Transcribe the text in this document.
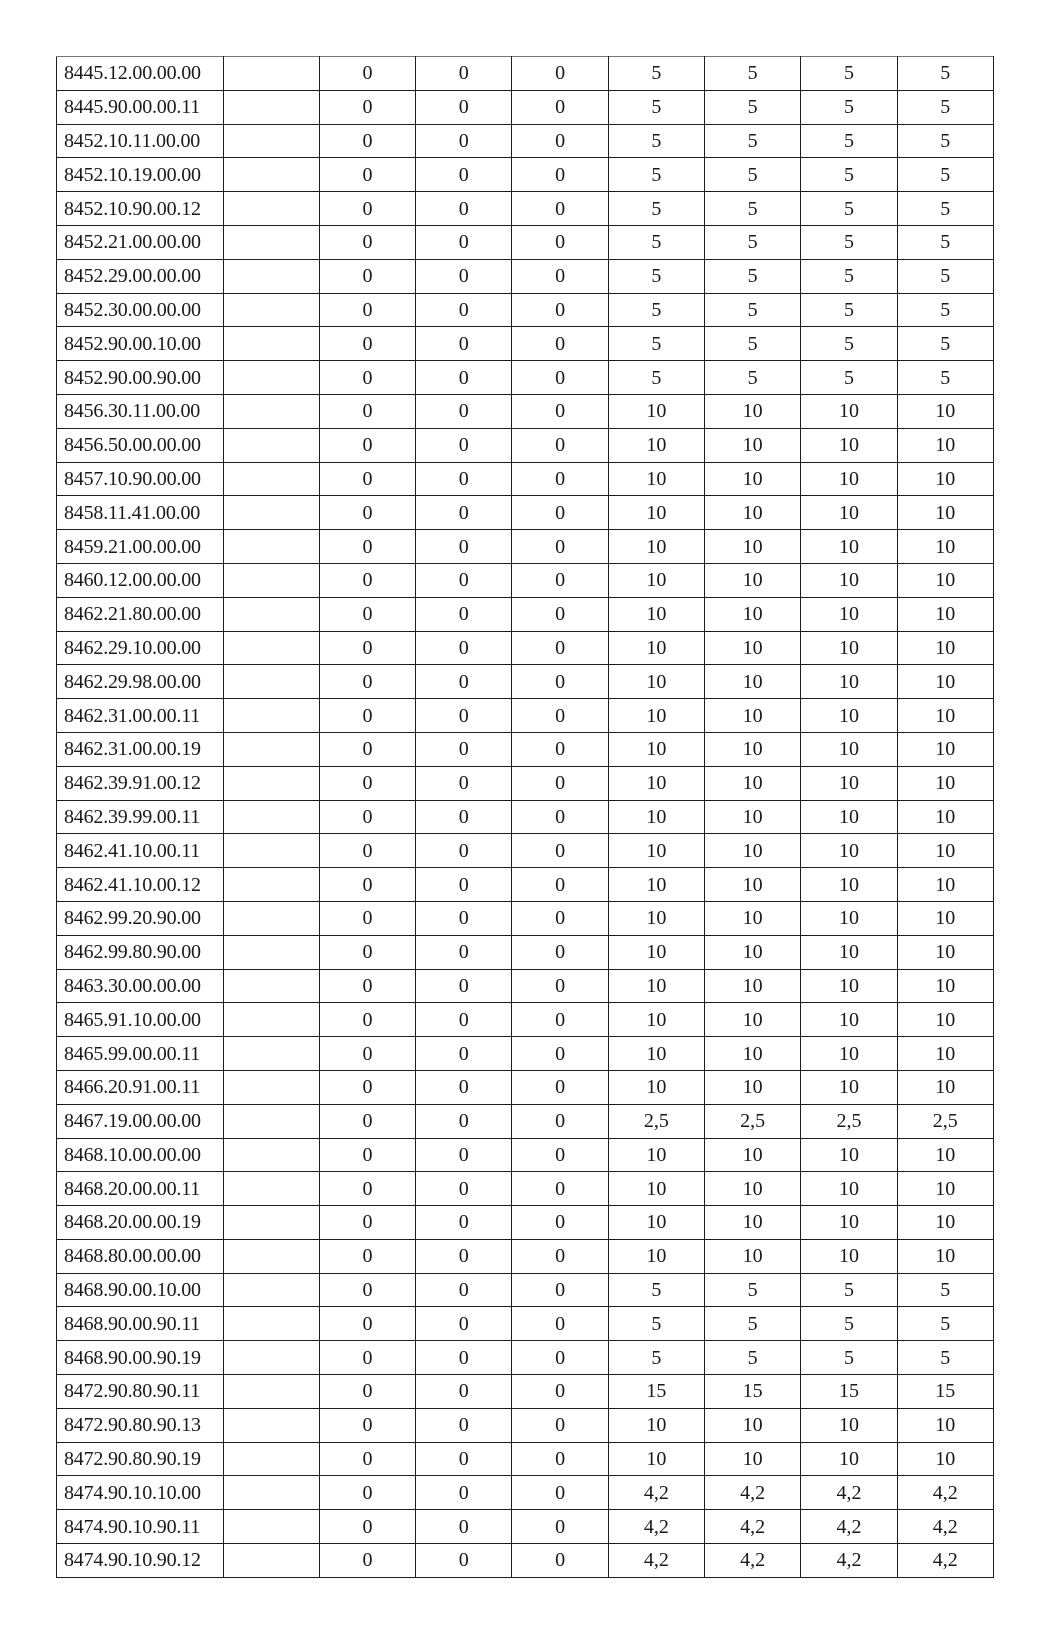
8445.12.00.00.00		0	0	0	5	5	5	5
8445.90.00.00.11		0	0	0	5	5	5	5
8452.10.11.00.00		0	0	0	5	5	5	5
8452.10.19.00.00		0	0	0	5	5	5	5
8452.10.90.00.12		0	0	0	5	5	5	5
8452.21.00.00.00		0	0	0	5	5	5	5
8452.29.00.00.00		0	0	0	5	5	5	5
8452.30.00.00.00		0	0	0	5	5	5	5
8452.90.00.10.00		0	0	0	5	5	5	5
8452.90.00.90.00		0	0	0	5	5	5	5
8456.30.11.00.00		0	0	0	10	10	10	10
8456.50.00.00.00		0	0	0	10	10	10	10
8457.10.90.00.00		0	0	0	10	10	10	10
8458.11.41.00.00		0	0	0	10	10	10	10
8459.21.00.00.00		0	0	0	10	10	10	10
8460.12.00.00.00		0	0	0	10	10	10	10
8462.21.80.00.00		0	0	0	10	10	10	10
8462.29.10.00.00		0	0	0	10	10	10	10
8462.29.98.00.00		0	0	0	10	10	10	10
8462.31.00.00.11		0	0	0	10	10	10	10
8462.31.00.00.19		0	0	0	10	10	10	10
8462.39.91.00.12		0	0	0	10	10	10	10
8462.39.99.00.11		0	0	0	10	10	10	10
8462.41.10.00.11		0	0	0	10	10	10	10
8462.41.10.00.12		0	0	0	10	10	10	10
8462.99.20.90.00		0	0	0	10	10	10	10
8462.99.80.90.00		0	0	0	10	10	10	10
8463.30.00.00.00		0	0	0	10	10	10	10
8465.91.10.00.00		0	0	0	10	10	10	10
8465.99.00.00.11		0	0	0	10	10	10	10
8466.20.91.00.11		0	0	0	10	10	10	10
8467.19.00.00.00		0	0	0	2,5	2,5	2,5	2,5
8468.10.00.00.00		0	0	0	10	10	10	10
8468.20.00.00.11		0	0	0	10	10	10	10
8468.20.00.00.19		0	0	0	10	10	10	10
8468.80.00.00.00		0	0	0	10	10	10	10
8468.90.00.10.00		0	0	0	5	5	5	5
8468.90.00.90.11		0	0	0	5	5	5	5
8468.90.00.90.19		0	0	0	5	5	5	5
8472.90.80.90.11		0	0	0	15	15	15	15
8472.90.80.90.13		0	0	0	10	10	10	10
8472.90.80.90.19		0	0	0	10	10	10	10
8474.90.10.10.00		0	0	0	4,2	4,2	4,2	4,2
8474.90.10.90.11		0	0	0	4,2	4,2	4,2	4,2
8474.90.10.90.12		0	0	0	4,2	4,2	4,2	4,2
